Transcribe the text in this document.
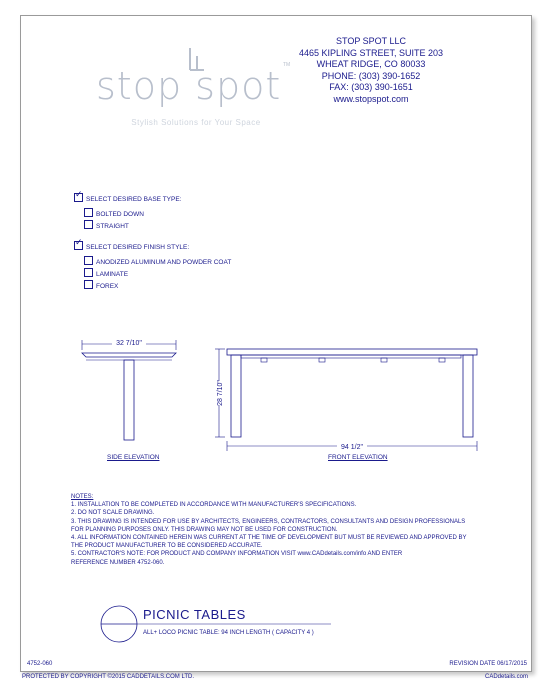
stop spot TM
Stylish Solutions for Your Space
STOP SPOT LLC
4465 KIPLING STREET, SUITE 203
WHEAT RIDGE, CO 80033
PHONE: (303) 390-1652
FAX: (303) 390-1651
www.stopspot.com
✓SELECT DESIRED BASE TYPE:
BOLTED DOWN
STRAIGHT
✓SELECT DESIRED FINISH STYLE:
ANODIZED ALUMINUM AND POWDER COAT
LAMINATE
FOREX
32 7/10"
28 7/10"
94 1/2"
SIDE ELEVATION	FRONT ELEVATION
NOTES:
1. INSTALLATION TO BE COMPLETED IN ACCORDANCE WITH MANUFACTURER'S SPECIFICATIONS.
2. DO NOT SCALE DRAWING.
3. THIS DRAWING IS INTENDED FOR USE BY ARCHITECTS, ENGINEERS, CONTRACTORS, CONSULTANTS AND DESIGN PROFESSIONALS
FOR PLANNING PURPOSES ONLY. THIS DRAWING MAY NOT BE USED FOR CONSTRUCTION.
4. ALL INFORMATION CONTAINED HEREIN WAS CURRENT AT THE TIME OF DEVELOPMENT BUT MUST BE REVIEWED AND APPROVED BY
THE PRODUCT MANUFACTURER TO BE CONSIDERED ACCURATE.
5. CONTRACTOR'S NOTE: FOR PRODUCT AND COMPANY INFORMATION VISIT www.CADdetails.com/info AND ENTER
REFERENCE NUMBER 4752-060.
PICNIC TABLES
ALL+ LOCO PICNIC TABLE: 94 INCH LENGTH ( CAPACITY 4 )
4752-060	REVISION DATE 06/17/2015
PROTECTED BY COPYRIGHT ©2015 CADDETAILS.COM LTD.	CADdetails.com
